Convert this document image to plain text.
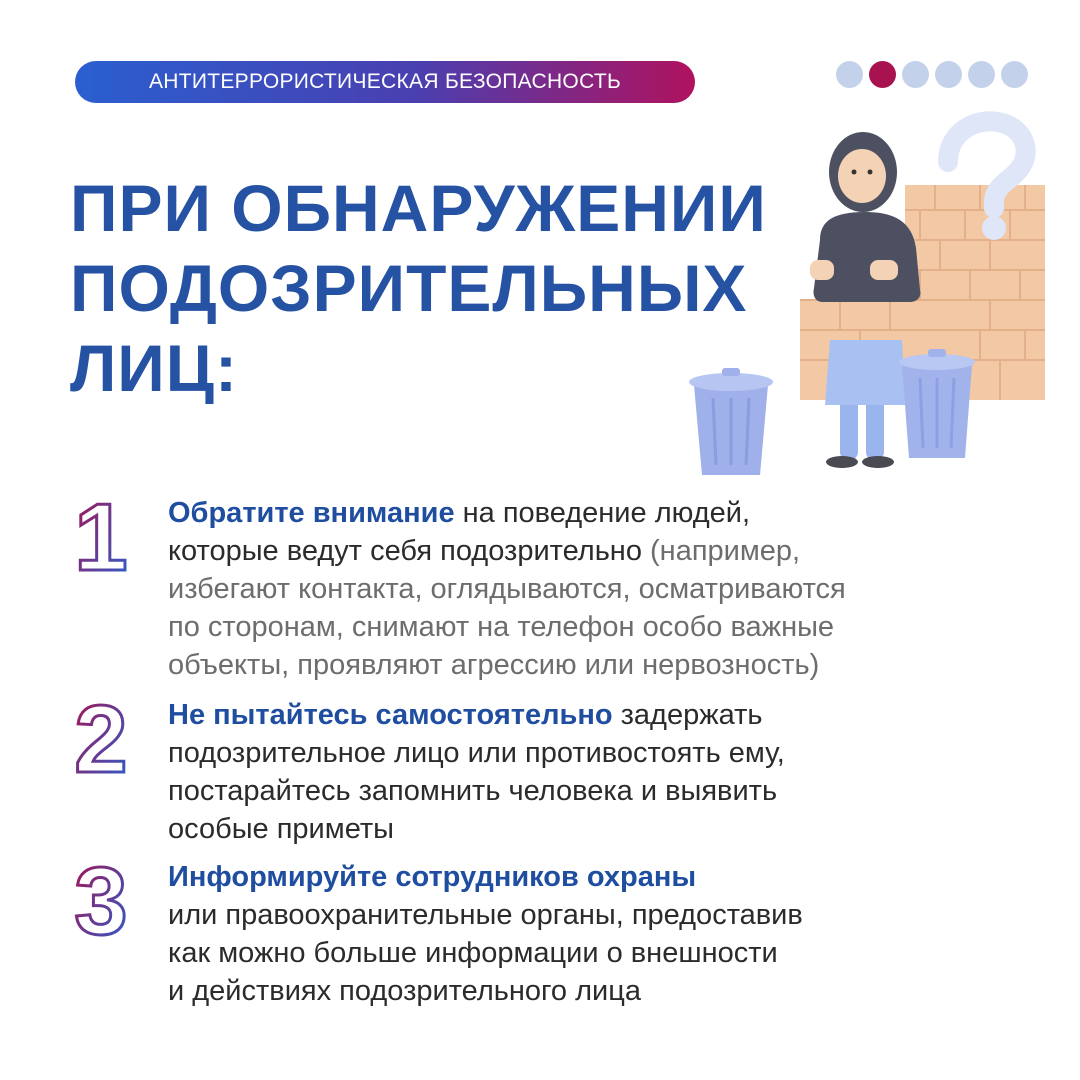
АНТИТЕРРОРИСТИЧЕСКАЯ БЕЗОПАСНОСТЬ
ПРИ ОБНАРУЖЕНИИ
ПОДОЗРИТЕЛЬНЫХ
ЛИЦ:
1 Обратите внимание на поведение людей,
которые ведут себя подозрительно (например,
избегают контакта, оглядываются, осматриваются
по сторонам, снимают на телефон особо важные
объекты, проявляют агрессию или нервозность)

2 Не пытайтесь самостоятельно задержать
подозрительное лицо или противостоять ему,
постарайтесь запомнить человека и выявить
особые приметы

3 Информируйте сотрудников охраны
или правоохранительные органы, предоставив
как можно больше информации о внешности
и действиях подозрительного лица
